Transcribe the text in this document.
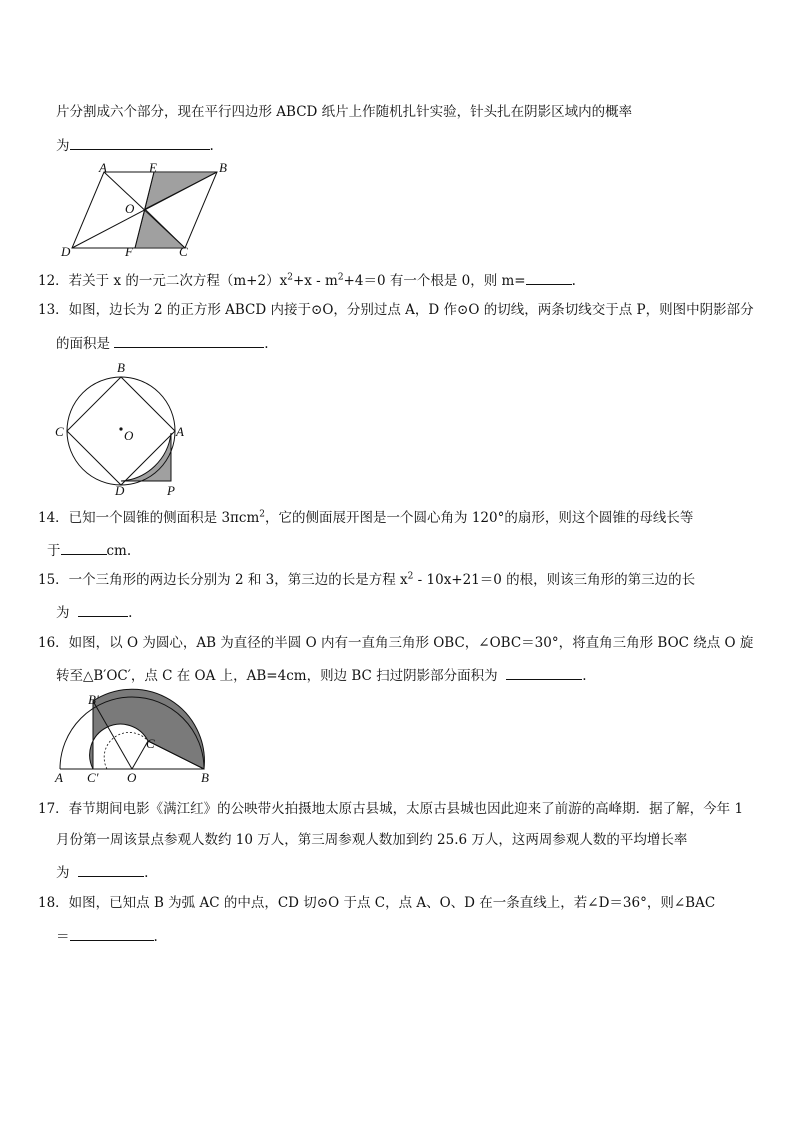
片分割成六个部分，现在平行四边形 ABCD 纸片上作随机扎针实验，针头扎在阴影区域内的概率
为	.
A	E	B
O
D	F	C
12．若关于 x 的一元二次方程$(m+2)x^2+x - m^2+4=0$ 有一个根是 0，则 m=	.
13．如图，边长为 2 的正方形 ABCD 内接于⊙O，分别过点 A，D 作⊙O 的切线，两条切线交于点 P，则图中阴影部分
的面积是	.
B
C	O	A
D	P
14．已知一个圆锥的侧面积是 3πcm$^2$，它的侧面展开图是一个圆心角为 120°的扇形，则这个圆锥的母线长等
于	cm.
15．一个三角形的两边长分别为 2 和 3，第三边的长是方程 $x^2 - 10x+21=0$ 的根，则该三角形的第三边的长
为	.
16．如图，以 O 为圆心，AB 为直径的半圆 O 内有一直角三角形 OBC，∠OBC＝30°，将直角三角形 BOC 绕点 O 旋
转至△B′OC′，点 C 在 OA 上，AB=4cm，则边 BC 扫过阴影部分面积为	.
B′
C
A C′ O	B
17．春节期间电影《满江红》的公映带火拍摄地太原古县城，太原古县城也因此迎来了前游的高峰期．据了解，今年 1
月份第一周该景点参观人数约 10 万人，第三周参观人数加到约 25.6 万人，这两周参观人数的平均增长率
为	.
18．如图，已知点 B 为弧 AC 的中点，CD 切⊙O 于点 C，点 A、O、D 在一条直线上，若∠D＝36°，则∠BAC
＝	.
